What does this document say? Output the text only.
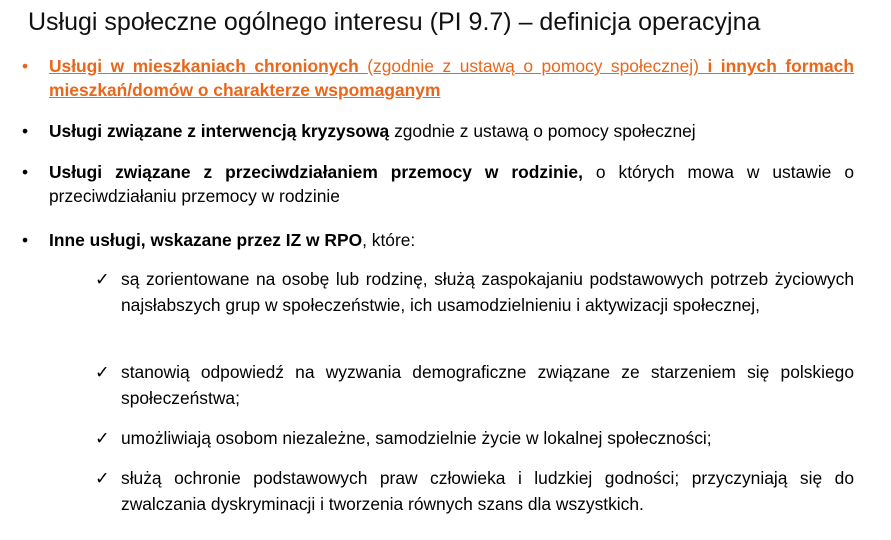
Usługi społeczne ogólnego interesu (PI 9.7) – definicja operacyjna
•	Usługi w mieszkaniach chronionych (zgodnie z ustawą o pomocy społecznej) i innych formach mieszkań/domów o charakterze wspomaganym
•	Usługi związane z interwencją kryzysową zgodnie z ustawą o pomocy społecznej
•	Usługi związane z przeciwdziałaniem przemocy w rodzinie, o których mowa w ustawie o przeciwdziałaniu przemocy w rodzinie
•	Inne usługi, wskazane przez IZ w RPO, które:
✓ są zorientowane na osobę lub rodzinę, służą zaspokajaniu podstawowych potrzeb życiowych najsłabszych grup w społeczeństwie, ich usamodzielnieniu i aktywizacji społecznej,
✓ stanowią odpowiedź na wyzwania demograficzne związane ze starzeniem się polskiego społeczeństwa;
✓ umożliwiają osobom niezależne, samodzielnie życie w lokalnej społeczności;
✓ służą ochronie podstawowych praw człowieka i ludzkiej godności; przyczyniają się do zwalczania dyskryminacji i tworzenia równych szans dla wszystkich.
